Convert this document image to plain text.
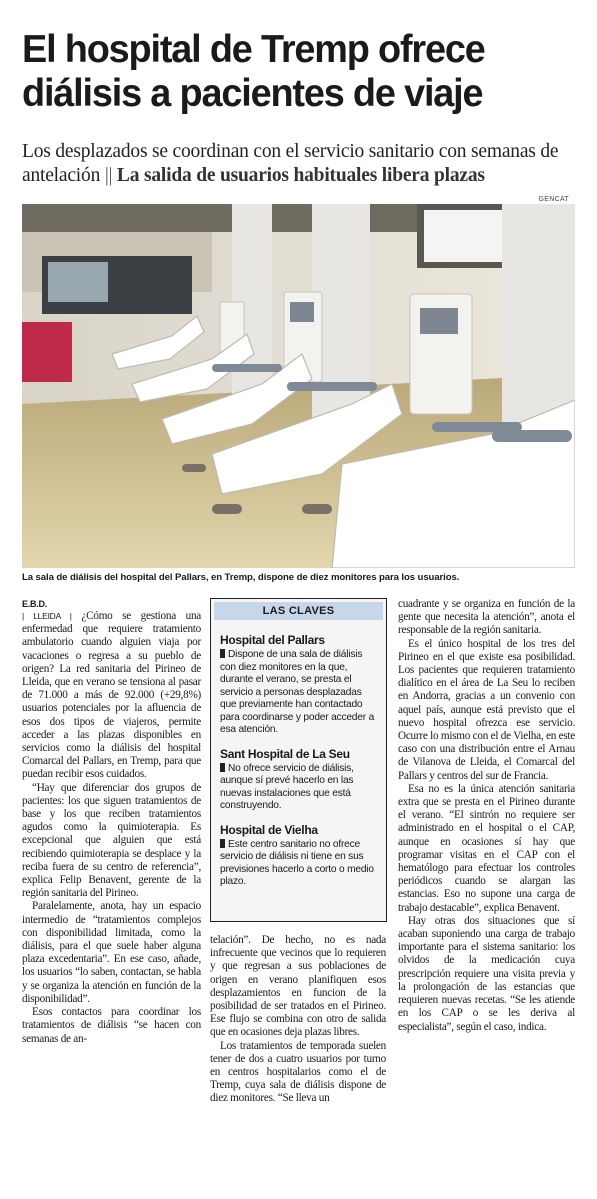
El hospital de Tremp ofrece diálisis a pacientes de viaje
Los desplazados se coordinan con el servicio sanitario con semanas de antelación || La salida de usuarios habituales libera plazas
GENCAT
La sala de diálisis del hospital del Pallars, en Tremp, dispone de diez monitores para los usuarios.
E.B.D.

| LLEIDA | ¿Cómo se gestiona una enfermedad que requiere tratamiento ambulatorio cuando alguien viaja por vacaciones o regresa a su pueblo de origen? La red sanitaria del Pirineo de Lleida, que en verano se tensiona al pasar de 71.000 a más de 92.000 (+29,8%) usuarios potenciales por la afluencia de esos dos tipos de viajeros, permite acceder a las plazas disponibles en servicios como la diálisis del hospital Comarcal del Pallars, en Tremp, para que puedan recibir esos cuidados.

“Hay que diferenciar dos grupos de pacientes: los que siguen tratamientos de base y los que reciben tratamientos agudos como la quimioterapia. Es excepcional que alguien que está recibiendo quimioterapia se desplace y la reciba fuera de su centro de referencia”, explica Felip Benavent, gerente de la región sanitaria del Pirineo.

Paralelamente, anota, hay un espacio intermedio de “tratamientos complejos con disponibilidad limitada, como la diálisis, para el que suele haber alguna plaza excedentaria”. En ese caso, añade, los usuarios “lo saben, contactan, se habla y se organiza la atención en función de la disponibilidad”.

Esos contactos para coordinar los tratamientos de diálisis “se hacen con semanas de an-

LAS CLAVES
Hospital del Pallars

Dispone de una sala de diálisis con diez monitores en la que, durante el verano, se presta el servicio a personas desplazadas que previamente han contactado para coordinarse y poder acceder a esa atención.

Sant Hospital de La Seu

No ofrece servicio de diálisis, aunque sí prevé hacerlo en las nuevas instalaciones que está construyendo.

Hospital de Vielha

Este centro sanitario no ofrece servicio de diálisis ni tiene en sus previsiones hacerlo a corto o medio plazo.

telación”. De hecho, no es nada infrecuente que vecinos que lo requieren y que regresan a sus poblaciones de origen en verano planifiquen esos desplazamientos en funcion de la posibilidad de ser tratados en el Pirineo. Ese flujo se combina con otro de salida que en ocasiones deja plazas libres.

Los tratamientos de temporada suelen tener de dos a cuatro usuarios por turno en centros hospitalarios como el de Tremp, cuya sala de diálisis dispone de diez monitores. “Se lleva un

cuadrante y se organiza en función de la gente que necesita la atención”, anota el responsable de la región sanitaria.

Es el único hospital de los tres del Pirineo en el que existe esa posibilidad. Los pacientes que requieren tratamiento dialítico en el área de La Seu lo reciben en Andorra, gracias a un convenio con aquel país, aunque está previsto que el nuevo hospital ofrezca ese servicio. Ocurre lo mismo con el de Vielha, en este caso con una distribución entre el Arnau de Vilanova de Lleida, el Comarcal del Pallars y centros del sur de Francia.

Esa no es la única atención sanitaria extra que se presta en el Pirineo durante el verano. “El sintrón no requiere ser administrado en el hospital o el CAP, aunque en ocasiones sí hay que programar visitas en el CAP con el hematólogo para efectuar los controles periódicos cuando se alargan las estancias. Eso no supone una carga de trabajo destacable”, explica Benavent.

Hay otras dos situaciones que sí acaban suponiendo una carga de trabajo importante para el sistema sanitario: los olvidos de la medicación cuya prescripción requiere una visita previa y la prolongación de las estancias que requieren nuevas recetas. “Se les atiende en los CAP o se les deriva al especialista”, según el caso, indica.
